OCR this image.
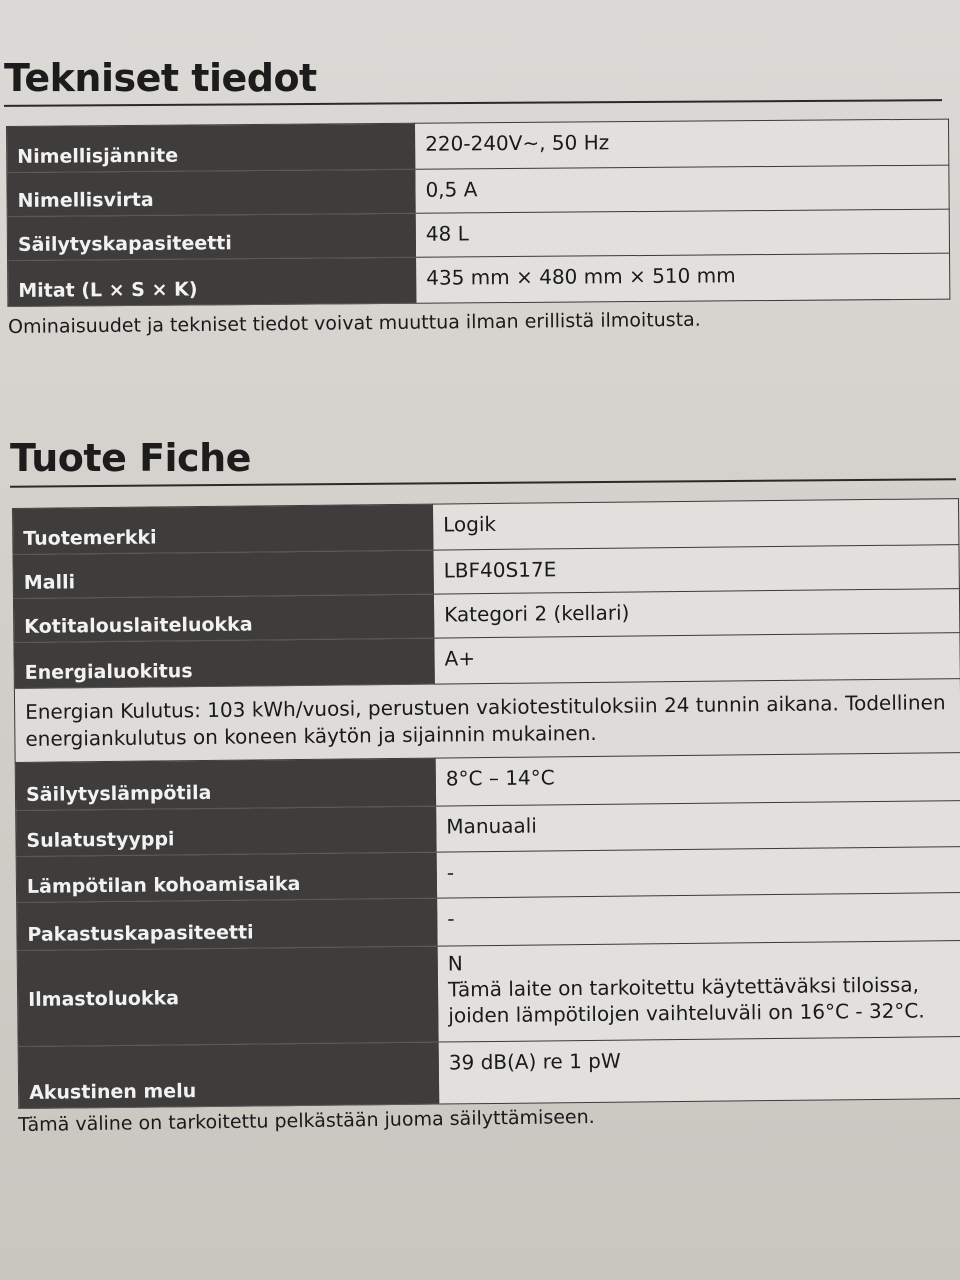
Tekniset tiedot
Nimellisjännite	220-240V~, 50 Hz
Nimellisvirta	0,5 A
Säilytyskapasiteetti	48 L
Mitat (L × S × K)	435 mm × 480 mm × 510 mm

Ominaisuudet ja tekniset tiedot voivat muuttua ilman erillistä ilmoitusta.

Tuote Fiche
Tuotemerkki	Logik
Malli	LBF40S17E
Kotitalouslaiteluokka	Kategori 2 (kellari)
Energialuokitus	A+
Energian Kulutus: 103 kWh/vuosi, perustuen vakiotestituloksiin 24 tunnin aikana. Todellinen energiankulutus on koneen käytön ja sijainnin mukainen.	
Säilytyslämpötila	8°C – 14°C
Sulatustyyppi	Manuaali
Lämpötilan kohoamisaika	-
Pakastuskapasiteetti	-
Ilmastoluokka	N
Tämä laite on tarkoitettu käytettäväksi tiloissa, joiden lämpötilojen vaihteluväli on 16°C - 32°C.

Akustinen melu	39 dB(A) re 1 pW

Tämä väline on tarkoitettu pelkästään juoma säilyttämiseen.
